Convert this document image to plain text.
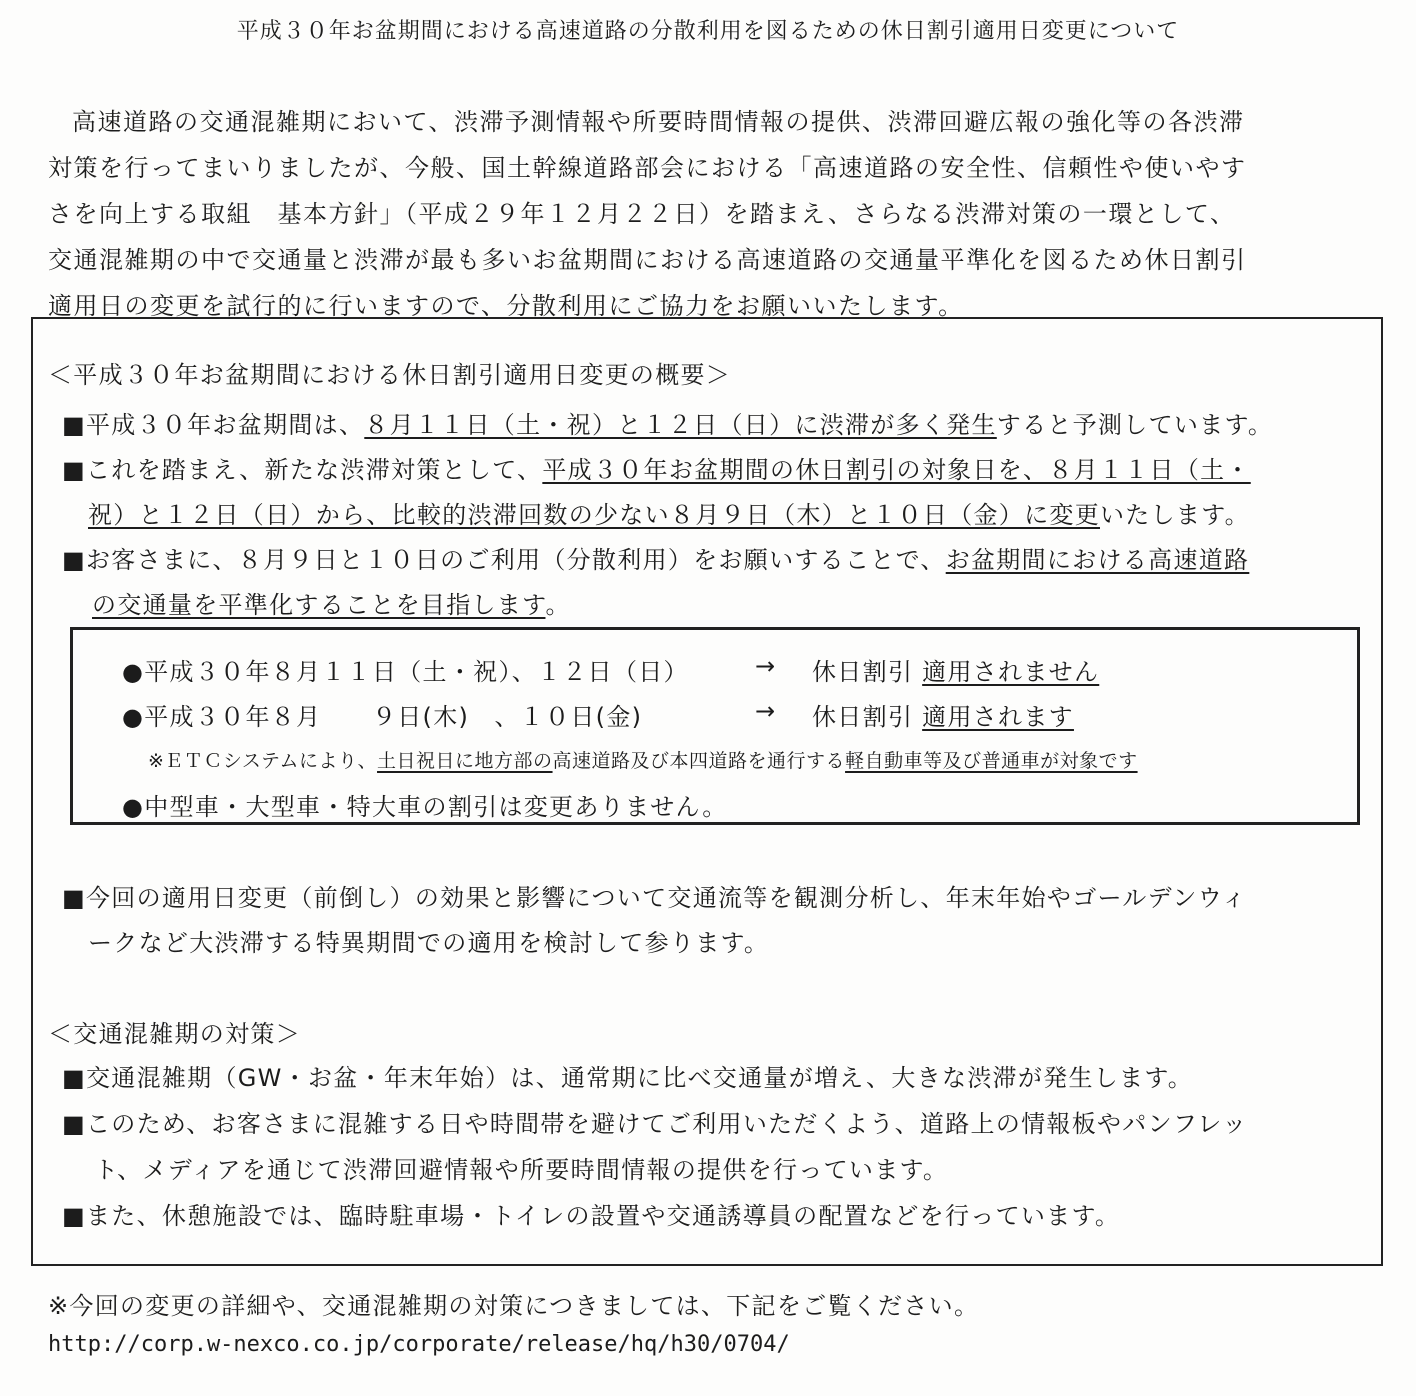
平成３０年お盆期間における高速道路の分散利用を図るための休日割引適用日変更について
高速道路の交通混雑期において、渋滞予測情報や所要時間情報の提供、渋滞回避広報の強化等の各渋滞
対策を行ってまいりましたが、今般、国土幹線道路部会における「高速道路の安全性、信頼性や使いやす
さを向上する取組　基本方針」（平成２９年１２月２２日）を踏まえ、さらなる渋滞対策の一環として、
交通混雑期の中で交通量と渋滞が最も多いお盆期間における高速道路の交通量平準化を図るため休日割引
適用日の変更を試行的に行いますので、分散利用にご協力をお願いいたします。
＜平成３０年お盆期間における休日割引適用日変更の概要＞
■平成３０年お盆期間は、８月１１日（土・祝）と１２日（日）に渋滞が多く発生すると予測しています。
■これを踏まえ、新たな渋滞対策として、平成３０年お盆期間の休日割引の対象日を、８月１１日（土・
祝）と１２日（日）から、比較的渋滞回数の少ない８月９日（木）と１０日（金）に変更いたします。
■お客さまに、８月９日と１０日のご利用（分散利用）をお願いすることで、お盆期間における高速道路
の交通量を平準化することを目指します。
●平成３０年８月１１日（土・祝）、１２日（日）	→ 休日割引 適用されません
●平成３０年８月　　９日(木)　、１０日(金)	→ 休日割引 適用されます
※ＥＴＣシステムにより、土日祝日に地方部の高速道路及び本四道路を通行する軽自動車等及び普通車が対象です
●中型車・大型車・特大車の割引は変更ありません。
■今回の適用日変更（前倒し）の効果と影響について交通流等を観測分析し、年末年始やゴールデンウィ
ークなど大渋滞する特異期間での適用を検討して参ります。
＜交通混雑期の対策＞
■交通混雑期（GW・お盆・年末年始）は、通常期に比べ交通量が増え、大きな渋滞が発生します。
■このため、お客さまに混雑する日や時間帯を避けてご利用いただくよう、道路上の情報板やパンフレッ
ト、メディアを通じて渋滞回避情報や所要時間情報の提供を行っています。
■また、休憩施設では、臨時駐車場・トイレの設置や交通誘導員の配置などを行っています。
※今回の変更の詳細や、交通混雑期の対策につきましては、下記をご覧ください。
http://corp.w-nexco.co.jp/corporate/release/hq/h30/0704/
